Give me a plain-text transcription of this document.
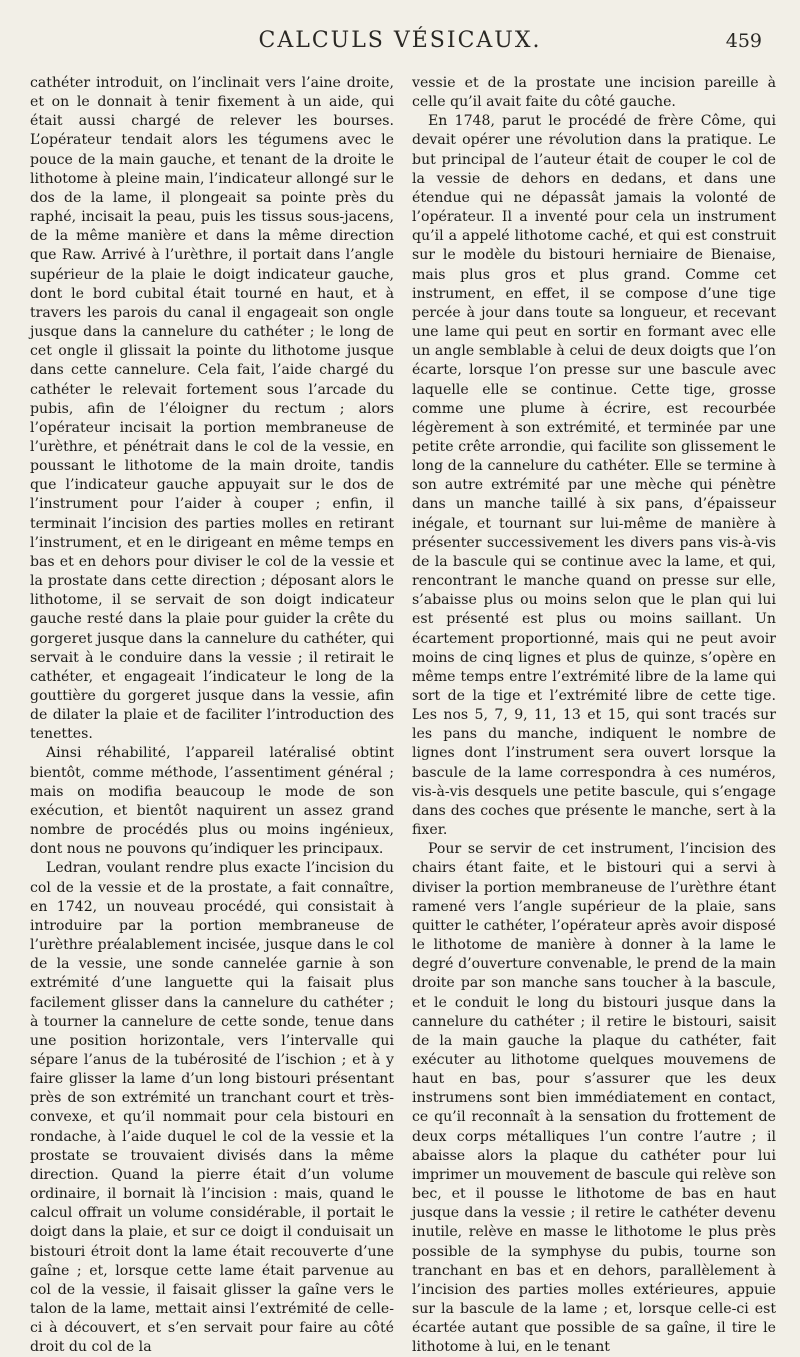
CALCULS VÉSICAUX.	459

cathéter introduit, on l’inclinait vers l’aine droite, et on le donnait à tenir fixement à un aide, qui était aussi chargé de relever les bourses. L’opérateur tendait alors les tégumens avec le pouce de la main gauche, et tenant de la droite le lithotome à pleine main, l’indicateur allongé sur le dos de la lame, il plongeait sa pointe près du raphé, incisait la peau, puis les tissus sous-jacens, de la même manière et dans la même direction que Raw. Arrivé à l’urèthre, il portait dans l’angle supérieur de la plaie le doigt indicateur gauche, dont le bord cubital était tourné en haut, et à travers les parois du canal il engageait son ongle jusque dans la cannelure du cathéter ; le long de cet ongle il glissait la pointe du lithotome jusque dans cette cannelure. Cela fait, l’aide chargé du cathéter le relevait fortement sous l’arcade du pubis, afin de l’éloigner du rectum ; alors l’opérateur incisait la portion membraneuse de l’urèthre, et pénétrait dans le col de la vessie, en poussant le lithotome de la main droite, tandis que l’indicateur gauche appuyait sur le dos de l’instrument pour l’aider à couper ; enfin, il terminait l’incision des parties molles en retirant l’instrument, et en le dirigeant en même temps en bas et en dehors pour diviser le col de la vessie et la prostate dans cette direction ; déposant alors le lithotome, il se servait de son doigt indicateur gauche resté dans la plaie pour guider la crête du gorgeret jusque dans la cannelure du cathéter, qui servait à le conduire dans la vessie ; il retirait le cathéter, et engageait l’indicateur le long de la gouttière du gorgeret jusque dans la vessie, afin de dilater la plaie et de faciliter l’introduction des tenettes.

Ainsi réhabilité, l’appareil latéralisé obtint bientôt, comme méthode, l’assentiment général ; mais on modifia beaucoup le mode de son exécution, et bientôt naquirent un assez grand nombre de procédés plus ou moins ingénieux, dont nous ne pouvons qu’indiquer les principaux.

Ledran, voulant rendre plus exacte l’incision du col de la vessie et de la prostate, a fait connaître, en 1742, un nouveau procédé, qui consistait à introduire par la portion membraneuse de l’urèthre préalablement incisée, jusque dans le col de la vessie, une sonde cannelée garnie à son extrémité d’une languette qui la faisait plus facilement glisser dans la cannelure du cathéter ; à tourner la cannelure de cette sonde, tenue dans une position horizontale, vers l’intervalle qui sépare l’anus de la tubérosité de l’ischion ; et à y faire glisser la lame d’un long bistouri présentant près de son extrémité un tranchant court et très-convexe, et qu’il nommait pour cela bistouri en rondache, à l’aide duquel le col de la vessie et la prostate se trouvaient divisés dans la même direction. Quand la pierre était d’un volume ordinaire, il bornait là l’incision : mais, quand le calcul offrait un volume considérable, il portait le doigt dans la plaie, et sur ce doigt il conduisait un bistouri étroit dont la lame était recouverte d’une gaîne ; et, lorsque cette lame était parvenue au col de la vessie, il faisait glisser la gaîne vers le talon de la lame, mettait ainsi l’extrémité de celle-ci à découvert, et s’en servait pour faire au côté droit du col de la

vessie et de la prostate une incision pareille à celle qu’il avait faite du côté gauche.

En 1748, parut le procédé de frère Côme, qui devait opérer une révolution dans la pratique. Le but principal de l’auteur était de couper le col de la vessie de dehors en dedans, et dans une étendue qui ne dépassât jamais la volonté de l’opérateur. Il a inventé pour cela un instrument qu’il a appelé lithotome caché, et qui est construit sur le modèle du bistouri herniaire de Bienaise, mais plus gros et plus grand. Comme cet instrument, en effet, il se compose d’une tige percée à jour dans toute sa longueur, et recevant une lame qui peut en sortir en formant avec elle un angle semblable à celui de deux doigts que l’on écarte, lorsque l’on presse sur une bascule avec laquelle elle se continue. Cette tige, grosse comme une plume à écrire, est recourbée légèrement à son extrémité, et terminée par une petite crête arrondie, qui facilite son glissement le long de la cannelure du cathéter. Elle se termine à son autre extrémité par une mèche qui pénètre dans un manche taillé à six pans, d’épaisseur inégale, et tournant sur lui-même de manière à présenter successivement les divers pans vis-à-vis de la bascule qui se continue avec la lame, et qui, rencontrant le manche quand on presse sur elle, s’abaisse plus ou moins selon que le plan qui lui est présenté est plus ou moins saillant. Un écartement proportionné, mais qui ne peut avoir moins de cinq lignes et plus de quinze, s’opère en même temps entre l’extrémité libre de la lame qui sort de la tige et l’extrémité libre de cette tige. Les nos 5, 7, 9, 11, 13 et 15, qui sont tracés sur les pans du manche, indiquent le nombre de lignes dont l’instrument sera ouvert lorsque la bascule de la lame correspondra à ces numéros, vis-à-vis desquels une petite bascule, qui s’engage dans des coches que présente le manche, sert à la fixer.

Pour se servir de cet instrument, l’incision des chairs étant faite, et le bistouri qui a servi à diviser la portion membraneuse de l’urèthre étant ramené vers l’angle supérieur de la plaie, sans quitter le cathéter, l’opérateur après avoir disposé le lithotome de manière à donner à la lame le degré d’ouverture convenable, le prend de la main droite par son manche sans toucher à la bascule, et le conduit le long du bistouri jusque dans la cannelure du cathéter ; il retire le bistouri, saisit de la main gauche la plaque du cathéter, fait exécuter au lithotome quelques mouvemens de haut en bas, pour s’assurer que les deux instrumens sont bien immédiatement en contact, ce qu’il reconnaît à la sensation du frottement de deux corps métalliques l’un contre l’autre ; il abaisse alors la plaque du cathéter pour lui imprimer un mouvement de bascule qui relève son bec, et il pousse le lithotome de bas en haut jusque dans la vessie ; il retire le cathéter devenu inutile, relève en masse le lithotome le plus près possible de la symphyse du pubis, tourne son tranchant en bas et en dehors, parallèlement à l’incision des parties molles extérieures, appuie sur la bascule de la lame ; et, lorsque celle-ci est écartée autant que possible de sa gaîne, il tire le lithotome à lui, en le tenant
